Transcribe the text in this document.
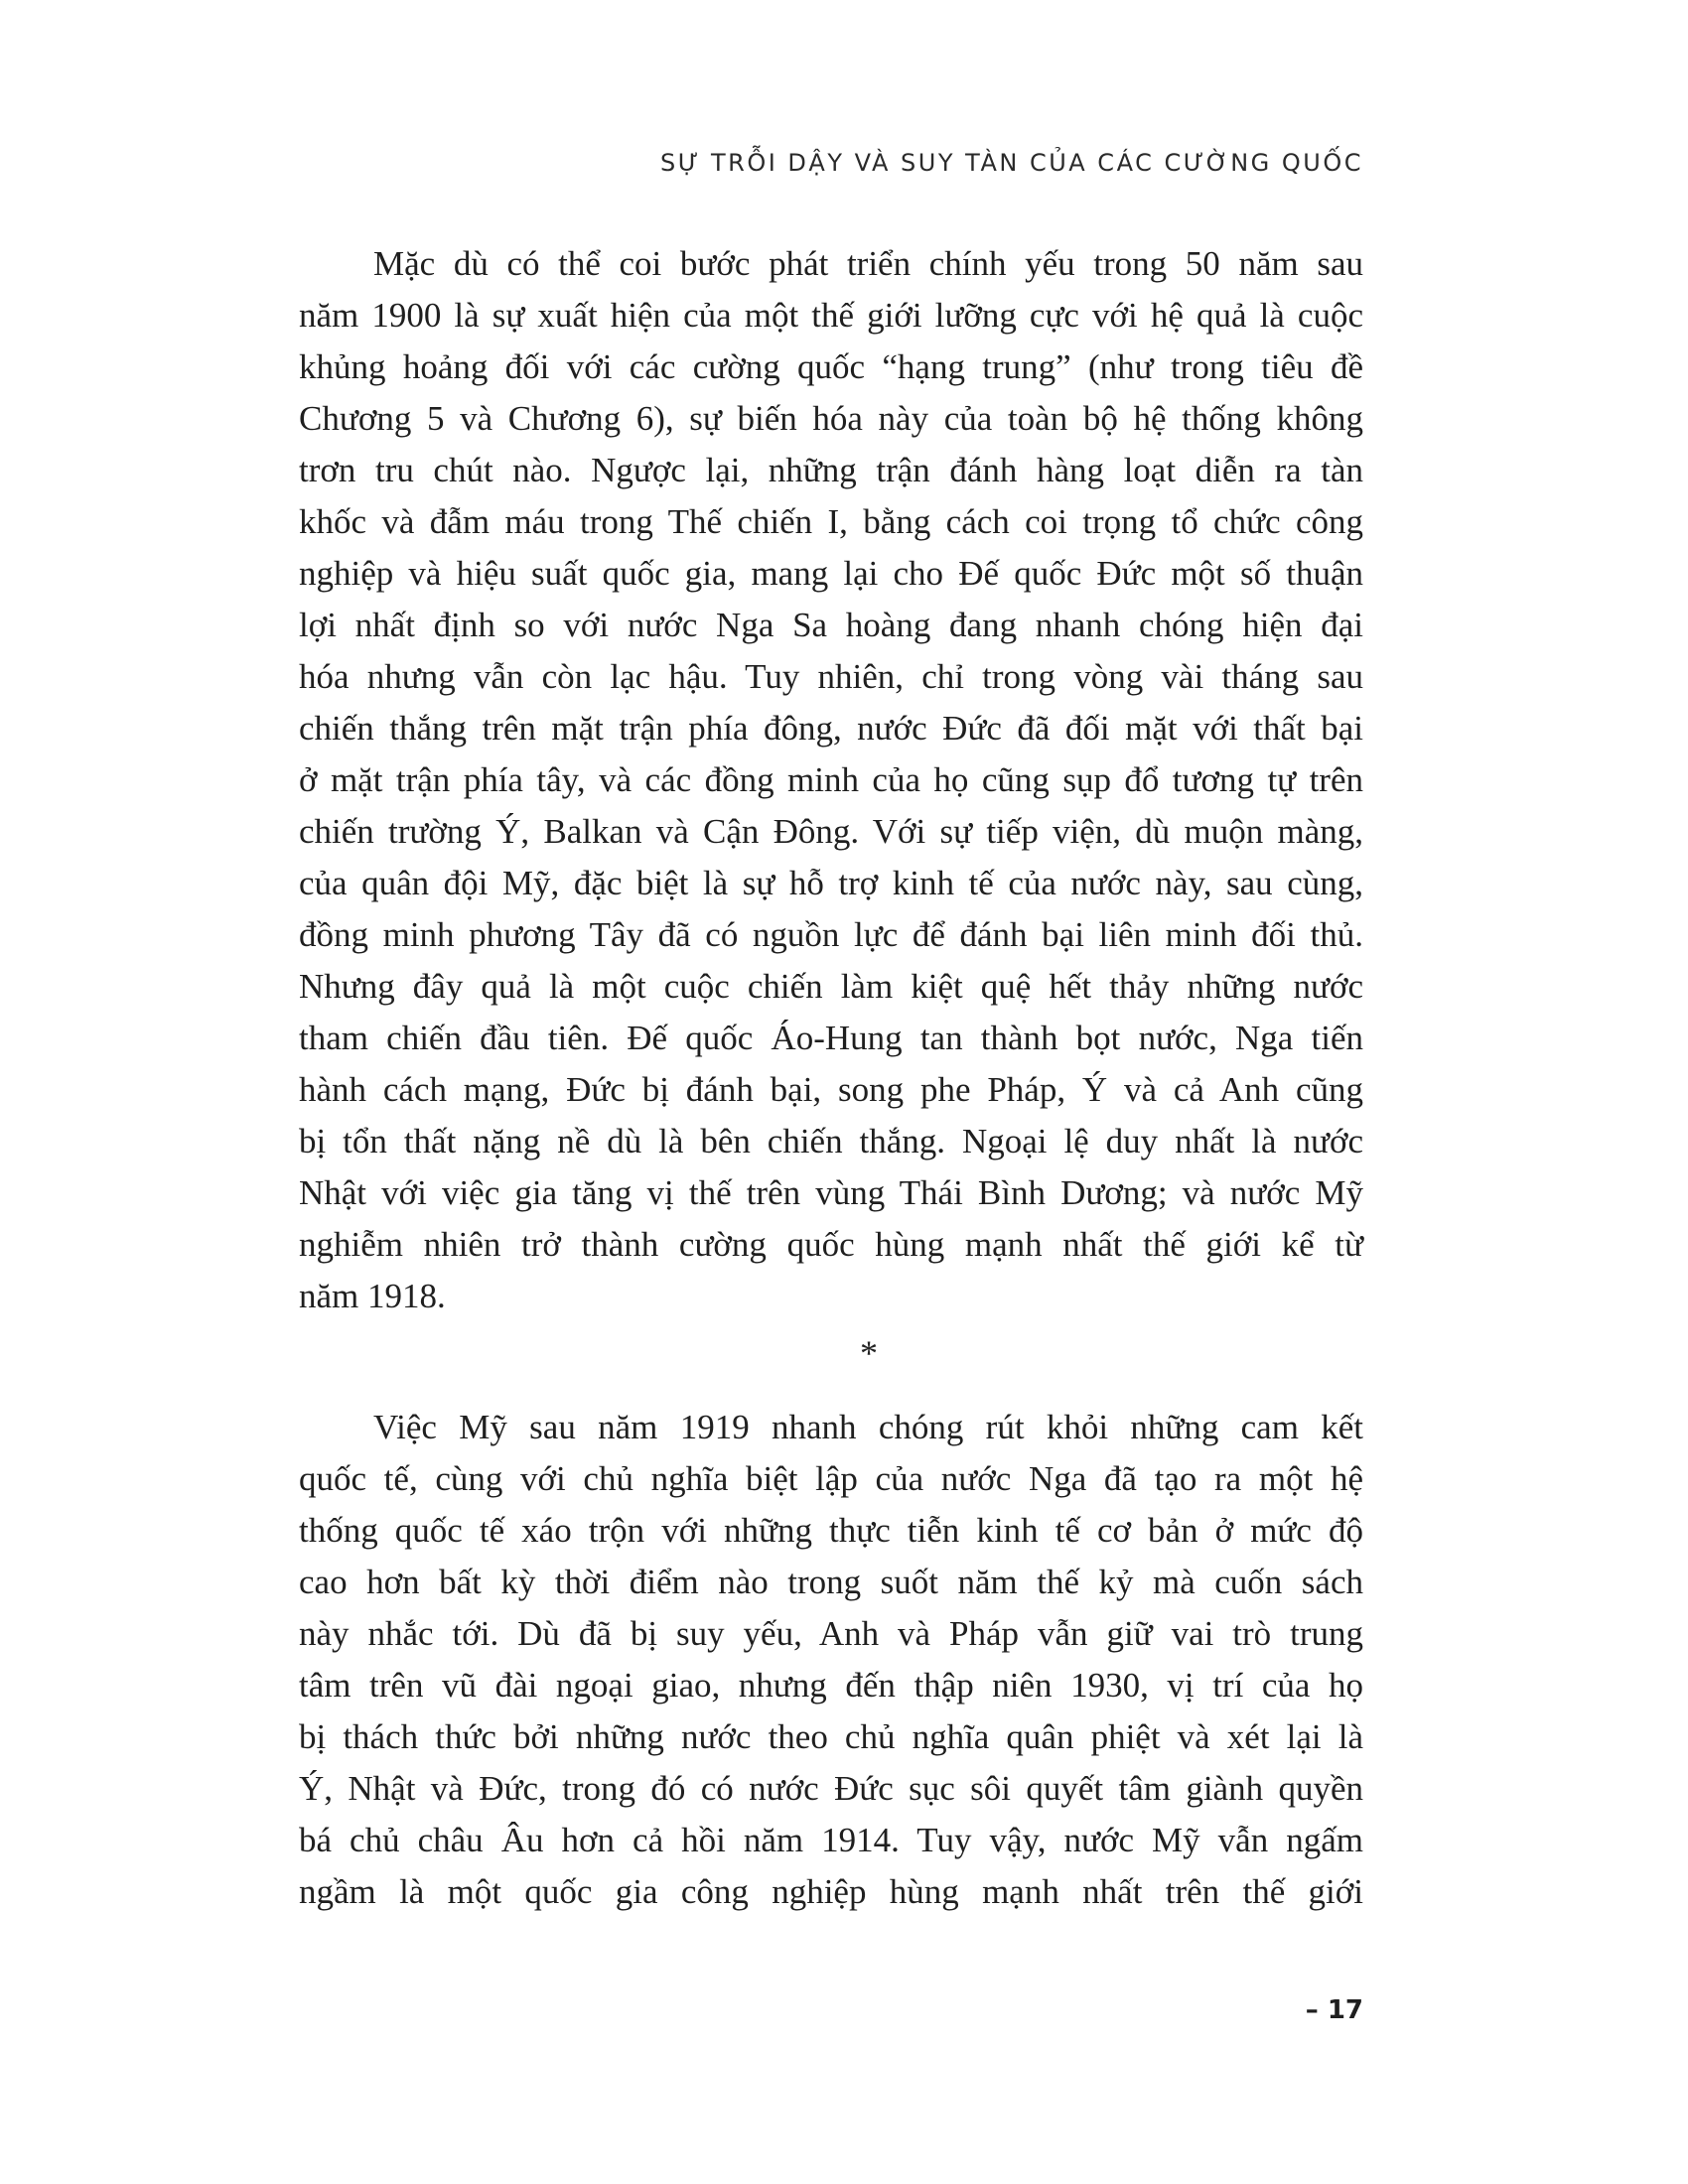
SỰ TRỖI DẬY VÀ SUY TÀN CỦA CÁC CƯỜNG QUỐC
Mặc dù có thể coi bước phát triển chính yếu trong 50 năm sau
năm 1900 là sự xuất hiện của một thế giới lưỡng cực với hệ quả là cuộc
khủng hoảng đối với các cường quốc “hạng trung” (như trong tiêu đề
Chương 5 và Chương 6), sự biến hóa này của toàn bộ hệ thống không
trơn tru chút nào. Ngược lại, những trận đánh hàng loạt diễn ra tàn
khốc và đẫm máu trong Thế chiến I, bằng cách coi trọng tổ chức công
nghiệp và hiệu suất quốc gia, mang lại cho Đế quốc Đức một số thuận
lợi nhất định so với nước Nga Sa hoàng đang nhanh chóng hiện đại
hóa nhưng vẫn còn lạc hậu. Tuy nhiên, chỉ trong vòng vài tháng sau
chiến thắng trên mặt trận phía đông, nước Đức đã đối mặt với thất bại
ở mặt trận phía tây, và các đồng minh của họ cũng sụp đổ tương tự trên
chiến trường Ý, Balkan và Cận Đông. Với sự tiếp viện, dù muộn màng,
của quân đội Mỹ, đặc biệt là sự hỗ trợ kinh tế của nước này, sau cùng,
đồng minh phương Tây đã có nguồn lực để đánh bại liên minh đối thủ.
Nhưng đây quả là một cuộc chiến làm kiệt quệ hết thảy những nước
tham chiến đầu tiên. Đế quốc Áo-Hung tan thành bọt nước, Nga tiến
hành cách mạng, Đức bị đánh bại, song phe Pháp, Ý và cả Anh cũng
bị tổn thất nặng nề dù là bên chiến thắng. Ngoại lệ duy nhất là nước
Nhật với việc gia tăng vị thế trên vùng Thái Bình Dương; và nước Mỹ
nghiễm nhiên trở thành cường quốc hùng mạnh nhất thế giới kể từ
năm 1918.
*
Việc Mỹ sau năm 1919 nhanh chóng rút khỏi những cam kết
quốc tế, cùng với chủ nghĩa biệt lập của nước Nga đã tạo ra một hệ
thống quốc tế xáo trộn với những thực tiễn kinh tế cơ bản ở mức độ
cao hơn bất kỳ thời điểm nào trong suốt năm thế kỷ mà cuốn sách
này nhắc tới. Dù đã bị suy yếu, Anh và Pháp vẫn giữ vai trò trung
tâm trên vũ đài ngoại giao, nhưng đến thập niên 1930, vị trí của họ
bị thách thức bởi những nước theo chủ nghĩa quân phiệt và xét lại là
Ý, Nhật và Đức, trong đó có nước Đức sục sôi quyết tâm giành quyền
bá chủ châu Âu hơn cả hồi năm 1914. Tuy vậy, nước Mỹ vẫn ngấm
ngầm là một quốc gia công nghiệp hùng mạnh nhất trên thế giới
– 17
